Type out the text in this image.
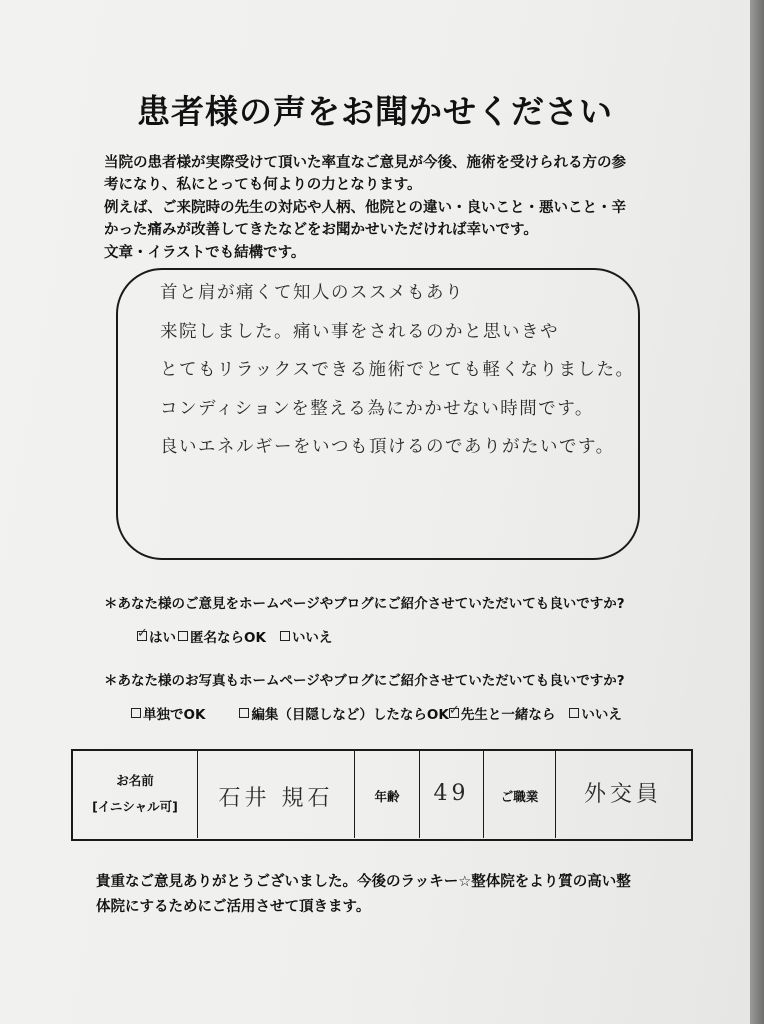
患者様の声をお聞かせください
当院の患者様が実際受けて頂いた率直なご意見が今後、施術を受けられる方の参
考になり、私にとっても何よりの力となります。
例えば、ご来院時の先生の対応や人柄、他院との違い・良いこと・悪いこと・辛
かった痛みが改善してきたなどをお聞かせいただければ幸いです。
文章・イラストでも結構です。
首と肩が痛くて知人のススメもあり
来院しました。痛い事をされるのかと思いきや
とてもリラックスできる施術でとても軽くなりました。
コンディションを整える為にかかせない時間です。
良いエネルギーをいつも頂けるのでありがたいです。
＊あなた様のご意見をホームページやブログにご紹介させていただいても良いですか?
✓
はい 匿名ならOK いいえ
＊あなた様のお写真もホームページやブログにご紹介させていただいても良いですか?
単独でOK	編集（目隠しなど）したならOK
✓ 先生と一緒なら いいえ
お名前
[イニシャル可]	石井 規石	年齢	49	ご職業	外交員
貴重なご意見ありがとうございました。今後のラッキー☆整体院をより質の高い整
体院にするためにご活用させて頂きます。
